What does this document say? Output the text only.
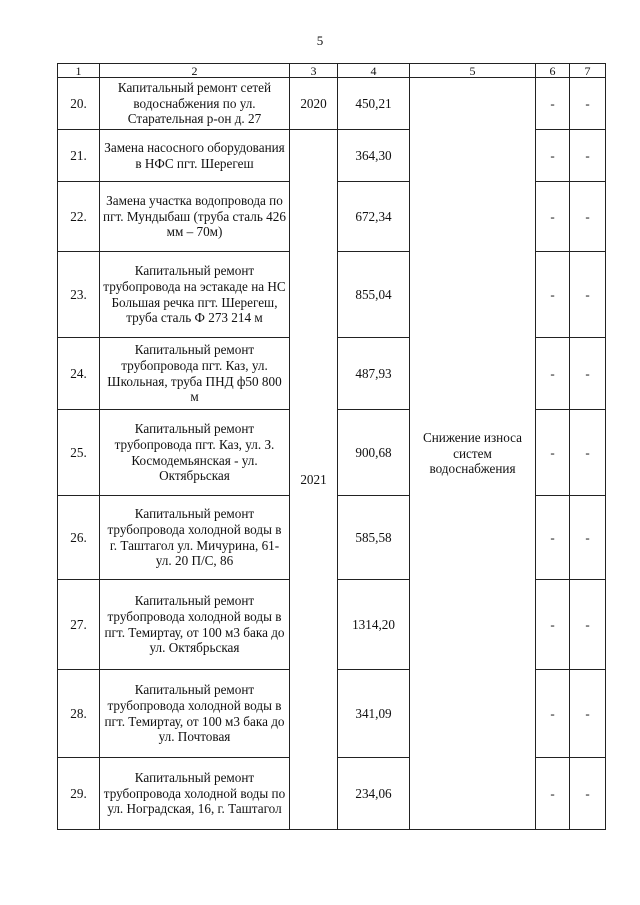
5
1	2	3	4	5	6	7
20.	Капитальный ремонт сетей водоснабжения по ул. Старательная р-он д. 27	2020	450,21	Снижение износа систем водоснабжения	-	-
21.	Замена насосного оборудования в НФС пгт. Шерегеш	2021	364,30		-	-
22.	Замена участка водопровода по пгт. Мундыбаш (труба сталь 426 мм – 70м)		672,34		-	-
23.	Капитальный ремонт трубопровода на эстакаде на НС Большая речка пгт. Шерегеш, труба сталь Ф 273 214 м		855,04		-	-
24.	Капитальный ремонт трубопровода пгт. Каз, ул. Школьная, труба ПНД ф50 800 м		487,93		-	-
25.	Капитальный ремонт трубопровода пгт. Каз, ул. З. Космодемьянская - ул. Октябрьская		900,68		-	-
26.	Капитальный ремонт трубопровода холодной воды в г. Таштагол ул. Мичурина, 61- ул. 20 П/С, 86		585,58		-	-
27.	Капитальный ремонт трубопровода холодной воды в пгт. Темиртау, от 100 м3 бака до ул. Октябрьская		1314,20		-	-
28.	Капитальный ремонт трубопровода холодной воды в пгт. Темиртау, от 100 м3 бака до ул. Почтовая		341,09		-	-
29.	Капитальный ремонт трубопровода холодной воды по ул. Ноградская, 16, г. Таштагол		234,06		-	-
